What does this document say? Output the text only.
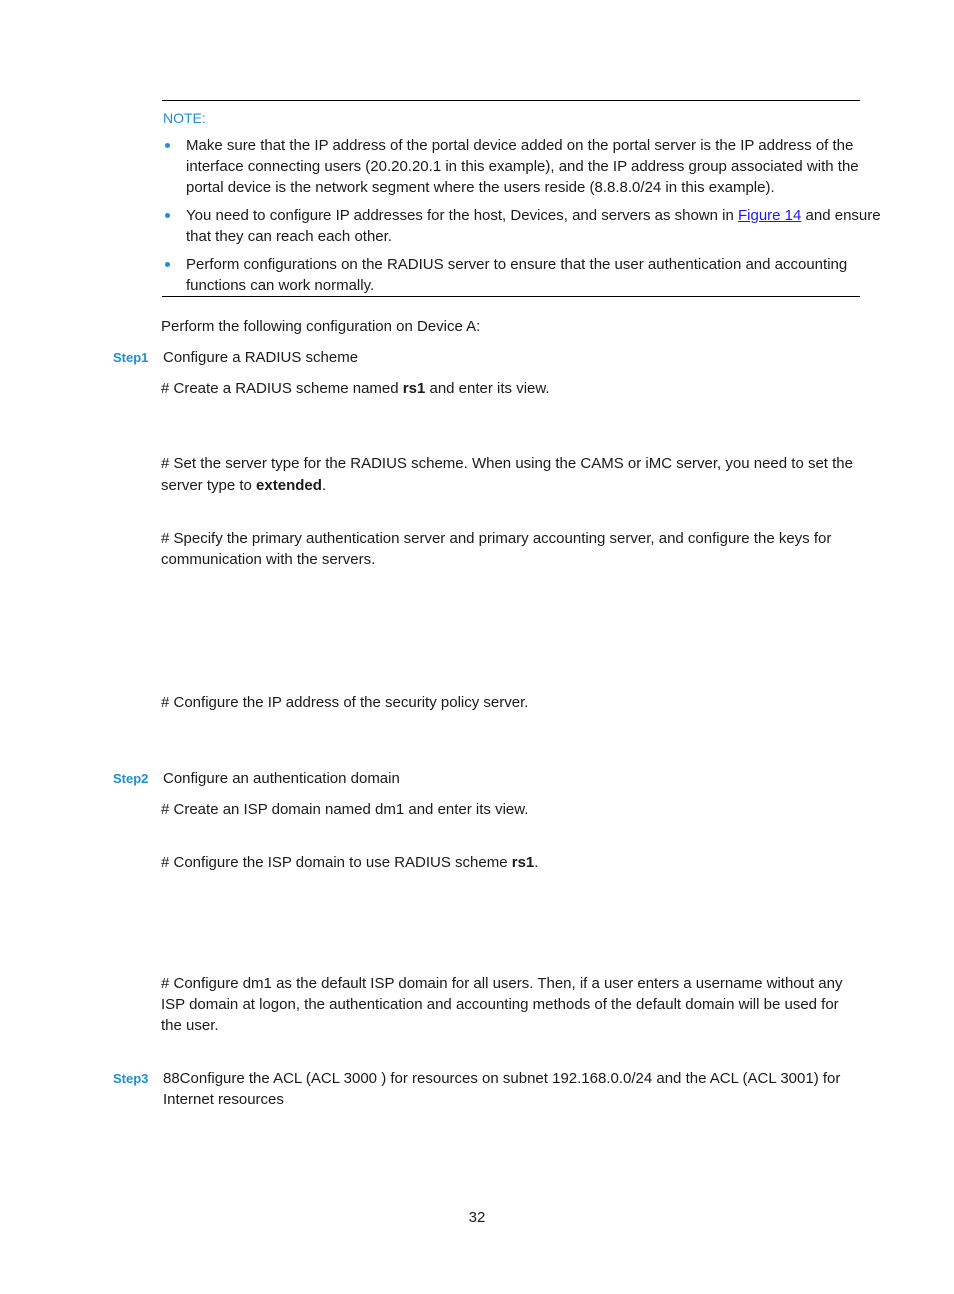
NOTE:
Make sure that the IP address of the portal device added on the portal server is the IP address of the
interface connecting users (20.20.20.1 in this example), and the IP address group associated with the
portal device is the network segment where the users reside (8.8.8.0/24 in this example).
You need to configure IP addresses for the host, Devices, and servers as shown in Figure 14 and ensure
that they can reach each other.
Perform configurations on the RADIUS server to ensure that the user authentication and accounting
functions can work normally.
Perform the following configuration on Device A:
Step1 Configure a RADIUS scheme
# Create a RADIUS scheme named rs1 and enter its view.
# Set the server type for the RADIUS scheme. When using the CAMS or iMC server, you need to set the
server type to extended.
# Specify the primary authentication server and primary accounting server, and configure the keys for
communication with the servers.
# Configure the IP address of the security policy server.
Step2 Configure an authentication domain
# Create an ISP domain named dm1 and enter its view.
# Configure the ISP domain to use RADIUS scheme rs1.
# Configure dm1 as the default ISP domain for all users. Then, if a user enters a username without any
ISP domain at logon, the authentication and accounting methods of the default domain will be used for
the user.
Step3 88Configure the ACL (ACL 3000 ) for resources on subnet 192.168.0.0/24 and the ACL (ACL 3001) for
Internet resources
32
